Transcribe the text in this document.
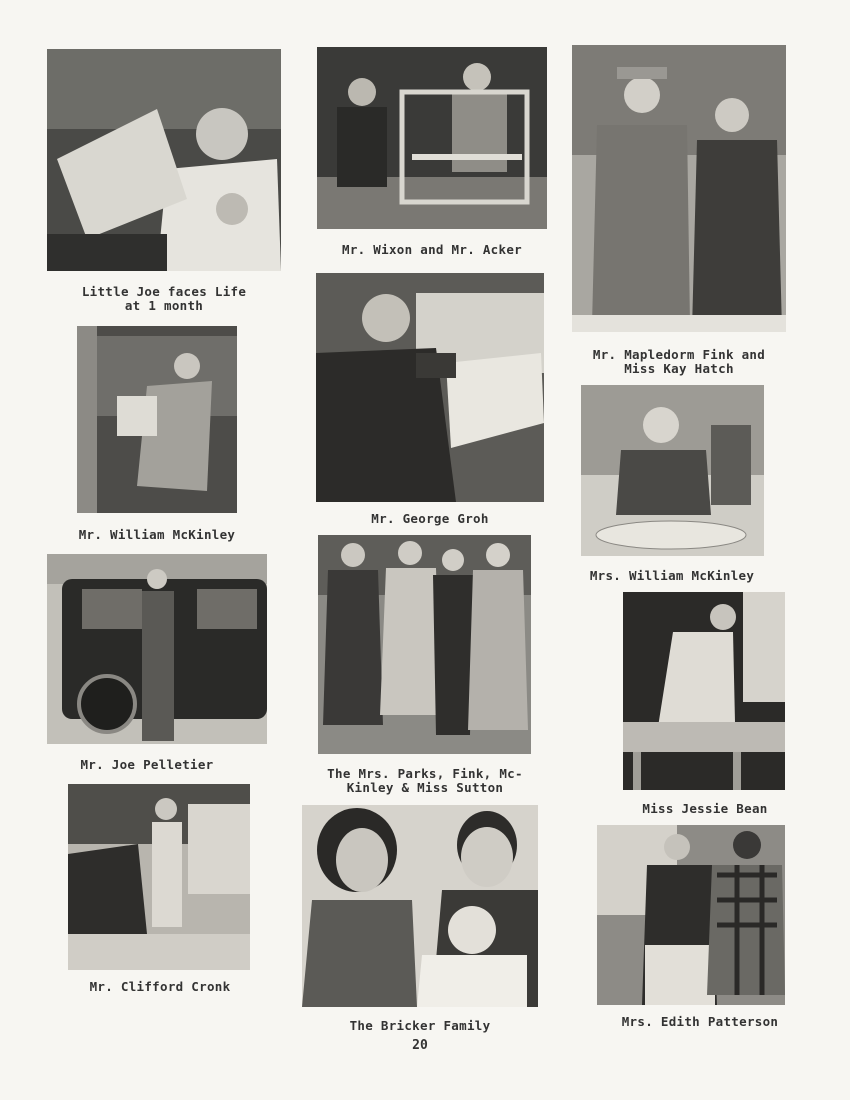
Little Joe faces Life
at 1 month
Mr. Wixon and Mr. Acker
Mr. Mapledorm Fink and
Miss Kay Hatch
Mr. William McKinley
Mr. George Groh
Mrs. William McKinley
Mr. Joe Pelletier
The Mrs. Parks, Fink, Mc-
Kinley & Miss Sutton
Miss Jessie Bean
Mr. Clifford Cronk
The Bricker Family	Mrs. Edith Patterson
20
